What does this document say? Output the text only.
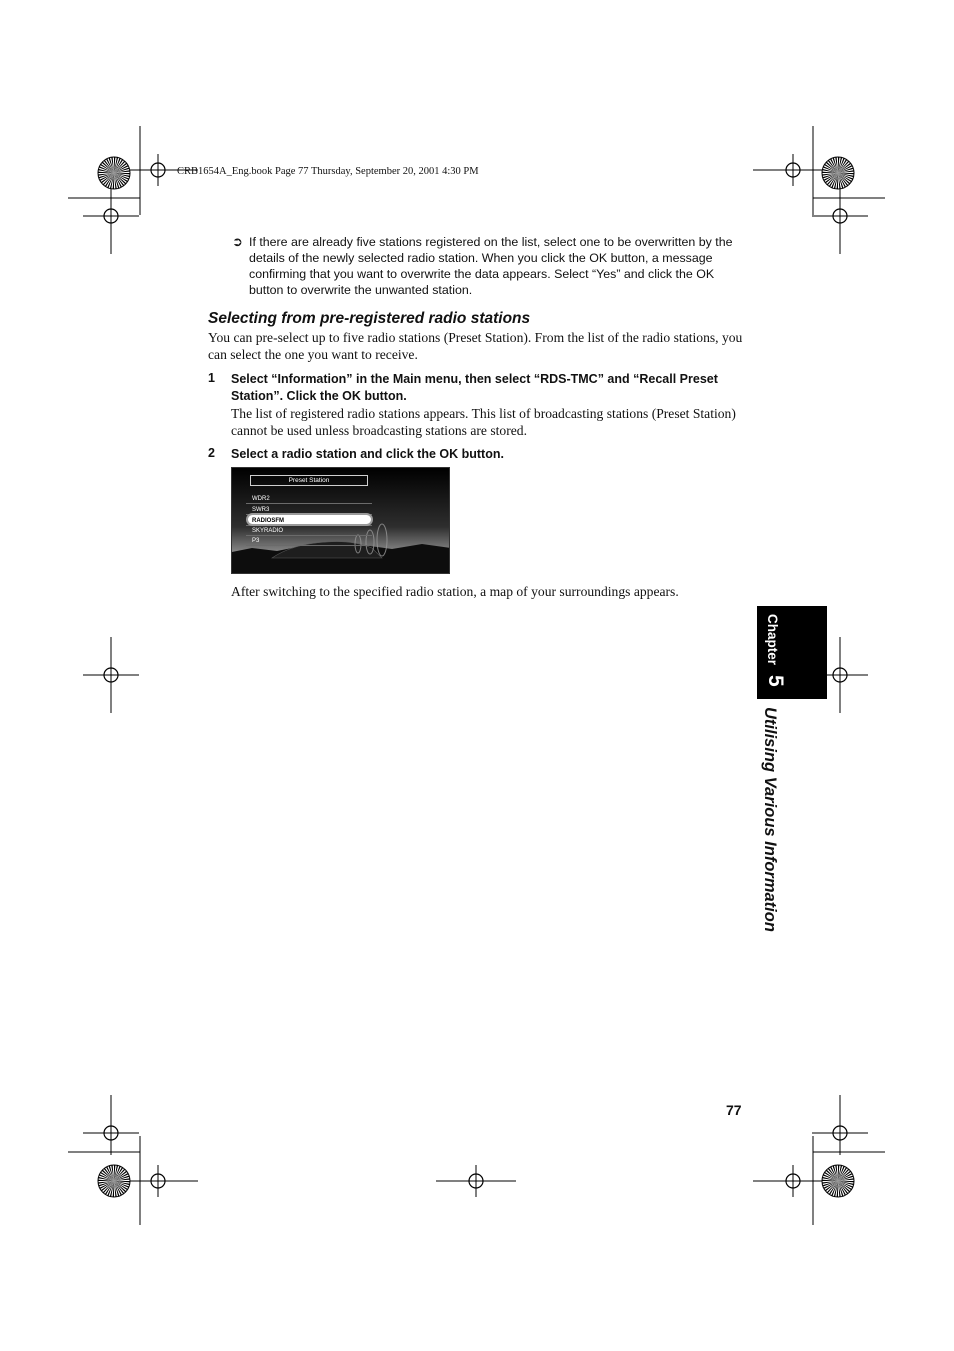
CRB1654A_Eng.book Page 77 Thursday, September 20, 2001 4:30 PM
➲ If there are already five stations registered on the list, select one to be overwritten by the details of the newly selected radio station. When you click the OK button, a message confirming that you want to overwrite the data appears. Select “Yes” and click the OK button to overwrite the unwanted station.
Selecting from pre-registered radio stations
You can pre-select up to five radio stations (Preset Station). From the list of the radio stations, you can select the one you want to receive.
1 Select “Information” in the Main menu, then select “RDS-TMC” and “Recall Preset Station”. Click the OK button.
The list of registered radio stations appears. This list of broadcasting stations (Preset Station) cannot be used unless broadcasting stations are stored.
2 Select a radio station and click the OK button.
Preset Station
WDR2
SWR3
RADIOSFM
SKYRADIO
P3
After switching to the specified radio station, a map of your surroundings appears.
Chapter
5
Utilising Various Information
77
